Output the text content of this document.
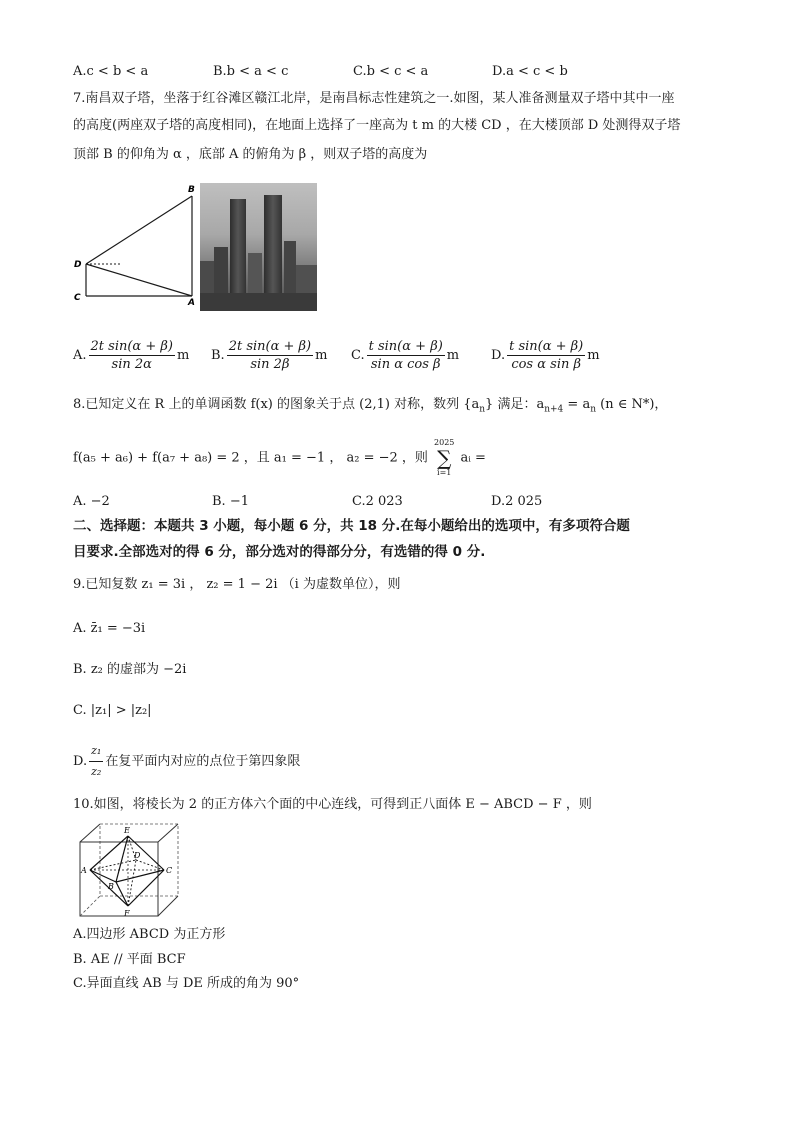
A.c < b < a	B.b < a < c	C.b < c < a	D.a < c < b
7.南昌双子塔，坐落于红谷滩区赣江北岸，是南昌标志性建筑之一.如图，某人准备测量双子塔中其中一座
的高度(两座双子塔的高度相同)，在地面上选择了一座高为 t m 的大楼 CD ，在大楼顶部 D 处测得双子塔
顶部 B 的仰角为 α ，底部 A 的俯角为 β ，则双子塔的高度为
B
D
C	A
A. $\frac{\text{2t sin(α + β)}}{\sin 2\alpha}$ m B. $\frac{\text{2t sin(α + β)}}{\sin 2\beta}$ m C. $\frac{\text{t sin(α + β)}}{\text{sin α cos β}}$ m D. $\frac{\text{t sin(α + β)}}{\text{cos α sin β}}$ m
8.已知定义在 R 上的单调函数 f(x) 的图象关于点 (2,1) 对称，数列 $\{a_n\}$ 满足：$a_{n+4} = a_n$ (n ∈ N*)，
f(a₅ + a₆) + f(a₇ + a₈) = 2 ，且 a₁ = −1 ， a₂ = −2 ，则
2025
∑
i=1
aᵢ =
A. −2	B. −1	C.2 023	D.2 025
二、选择题：本题共 3 小题，每小题 6 分，共 18 分.在每小题给出的选项中，有多项符合题
目要求.全部选对的得 6 分，部分选对的得部分分，有选错的得 0 分.
9.已知复数 z₁ = 3i ， z₂ = 1 − 2i （i 为虚数单位），则
A. z̄₁ = −3i
B. z₂ 的虚部为 −2i
C. |z₁| > |z₂|
D. $\frac{\text{z₁}}{\text{z₂}}$ 在复平面内对应的点位于第四象限
10.如图，将棱长为 2 的正方体六个面的中心连线，可得到正八面体 E − ABCD − F ，则
E
A
D
C
B
F
A.四边形 ABCD 为正方形
B. AE // 平面 BCF
C.异面直线 AB 与 DE 所成的角为 90°
